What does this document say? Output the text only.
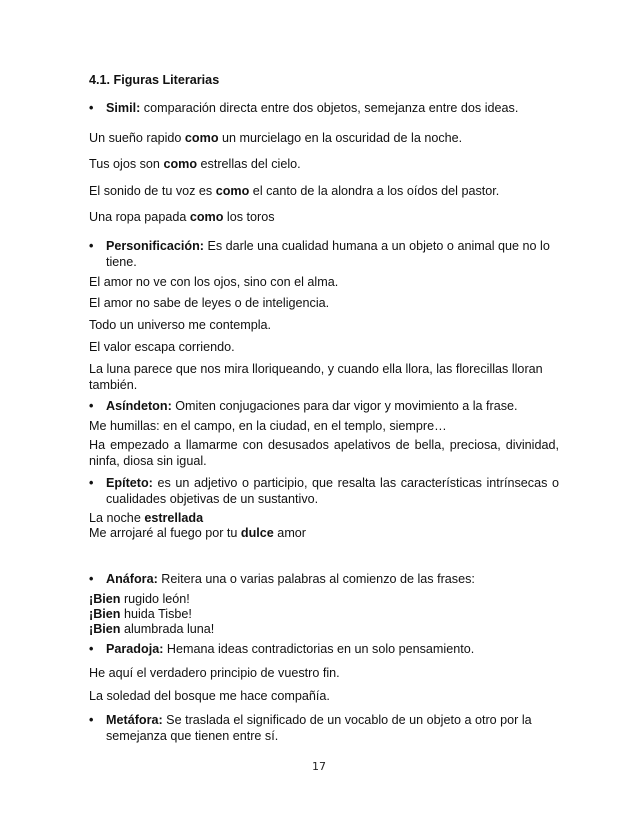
4.1. Figuras Literarias
• Simil: comparación directa entre dos objetos, semejanza entre dos ideas.
Un sueño rapido como un murcielago en la oscuridad de la noche.
Tus ojos son como estrellas del cielo.
El sonido de tu voz es como el canto de la alondra a los oídos del pastor.
Una ropa papada como los toros
• Personificación: Es darle una cualidad humana a un objeto o animal que no lo tiene.
El amor no ve con los ojos, sino con el alma.
El amor no sabe de leyes o de inteligencia.
Todo un universo me contempla.
El valor escapa corriendo.
La luna parece que nos mira lloriqueando, y cuando ella llora, las florecillas lloran también.
• Asíndeton: Omiten conjugaciones para dar vigor y movimiento a la frase.
Me humillas: en el campo, en la ciudad, en el templo, siempre…
Ha empezado a llamarme con desusados apelativos de bella, preciosa, divinidad, ninfa, diosa sin igual.
• Epíteto: es un adjetivo o participio, que resalta las características intrínsecas o cualidades objetivas de un sustantivo.
La noche estrellada
Me arrojaré al fuego por tu dulce amor
• Anáfora: Reitera una o varias palabras al comienzo de las frases:
¡Bien rugido león!
¡Bien huida Tisbe!
¡Bien alumbrada luna!
• Paradoja: Hemana ideas contradictorias en un solo pensamiento.
He aquí el verdadero principio de vuestro fin.
La soledad del bosque me hace compañía.
• Metáfora: Se traslada el significado de un vocablo de un objeto a otro por la semejanza que tienen entre sí.
17
